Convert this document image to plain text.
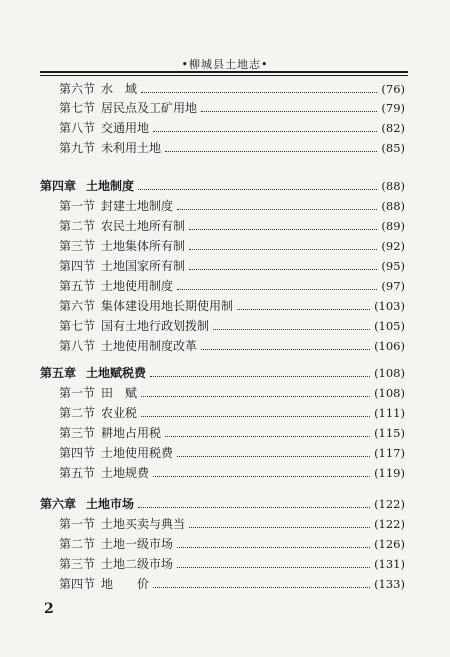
•柳城县土地志•
第六节 水　域	(76)
第七节 居民点及工矿用地	(79)
第八节 交通用地	(82)
第九节 未利用土地	(85)
第四章 土地制度	(88)
第一节 封建土地制度	(88)
第二节 农民土地所有制	(89)
第三节 土地集体所有制	(92)
第四节 土地国家所有制	(95)
第五节 土地使用制度	(97)
第六节 集体建设用地长期使用制	(103)
第七节 国有土地行政划拨制	(105)
第八节 土地使用制度改革	(106)
第五章 土地赋税费	(108)
第一节 田　赋	(108)
第二节 农业税	(111)
第三节 耕地占用税	(115)
第四节 土地使用税费	(117)
第五节 土地规费	(119)
第六章 土地市场	(122)
第一节 土地买卖与典当	(122)
第二节 土地一级市场	(126)
第三节 土地二级市场	(131)
第四节 地　　价	(133)
2
